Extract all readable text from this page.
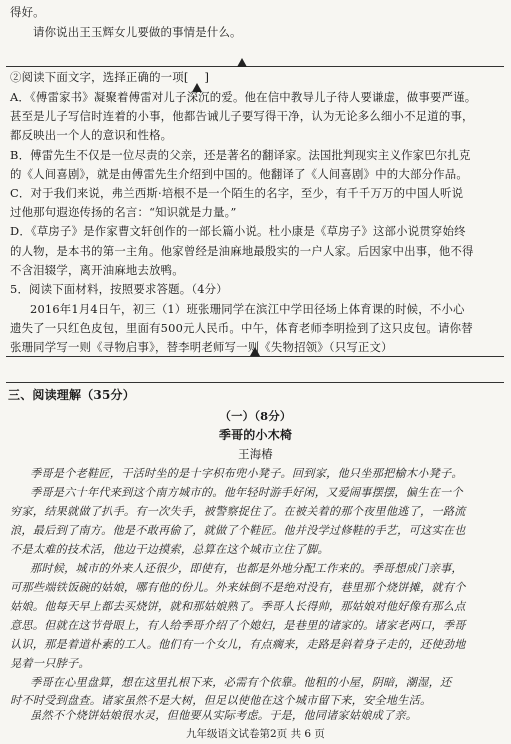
得好。
请你说出王玉辉女儿要做的事情是什么。
②阅读下面文字，选择正确的一项[ ]
A．《傅雷家书》凝聚着傅雷对儿子深沉的爱。他在信中教导儿子待人要谦虚，做事要严谨。
甚至是儿子写信时连着的小事，他都告诫儿子要写得干净，认为无论多么细小不足道的事，
都反映出一个人的意识和性格。
B．傅雷先生不仅是一位尽责的父亲，还是著名的翻译家。法国批判现实主义作家巴尔扎克
的《人间喜剧》，就是由傅雷先生介绍到中国的。他翻译了《人间喜剧》中的大部分作品。
C．对于我们来说，弗兰西斯·培根不是一个陌生的名字，至少，有千千万万的中国人听说
过他那句遐迩传扬的名言：“知识就是力量。”
D．《草房子》是作家曹文轩创作的一部长篇小说。杜小康是《草房子》这部小说贯穿始终
的人物，是本书的第一主角。他家曾经是油麻地最殷实的一户人家。后因家中出事，他不得
不含泪辍学，离开油麻地去放鸭。
5．阅读下面材料，按照要求答题。（4分）
2016年1月4日午，初三（1）班张珊同学在滨江中学田径场上体育课的时候，不小心
遗失了一只红色皮包，里面有500元人民币。中午，体育老师李明捡到了这只皮包。请你替
张珊同学写一则《寻物启事》，替李明老师写一则《失物招领》（只写正文）
三、阅读理解（35分）
（一）（8分）
季哥的小木椅
王海椿
季哥是个老鞋匠，干活时坐的是十字枳布兜小凳子。回到家，他只坐那把榆木小凳子。
季哥是六十年代来到这个南方城市的。他年轻时游手好闲，又爱闹事摆摆，偏生在一个
穷家，结果就做了扒手。有一次失手，被警察捉住了。在被关着的那个夜里他逃了，一路流
浪，最后到了南方。他是不敢再偷了，就做了个鞋匠。他并没学过修鞋的手艺，可这实在也
不是太难的技术活，他边干边摸索，总算在这个城市立住了脚。
那时候，城市的外来人还很少，即使有，也都是外地分配工作来的。季哥想成门亲事，
可那些端铁饭碗的姑娘，哪有他的份儿。外来妹倒不是绝对没有，巷里那个烧饼摊，就有个
姑娘。他每天早上都去买烧饼，就和那姑娘熟了。季哥人长得帅，那姑娘对他好像有那么点
意思。但就在这节骨眼上，有人给季哥介绍了个媳妇，是巷里的诸家的。诸家老两口，季哥
认识，那是着道朴素的工人。他们有一个女儿，有点瘸来，走路是斜着身子走的，还使劲地
晃着一只脖子。
季哥在心里盘算，想在这里扎根下来，必需有个依靠。他租的小屋，阴暗，潮湿，还
时不时受到盘查。诸家虽然不是大树，但足以使他在这个城市留下来，安全地生活。
虽然不个烧饼姑娘很水灵，但他要从实际考虑。于是，他同诸家姑娘成了亲。
九年级语文试卷第2页 共 6 页
